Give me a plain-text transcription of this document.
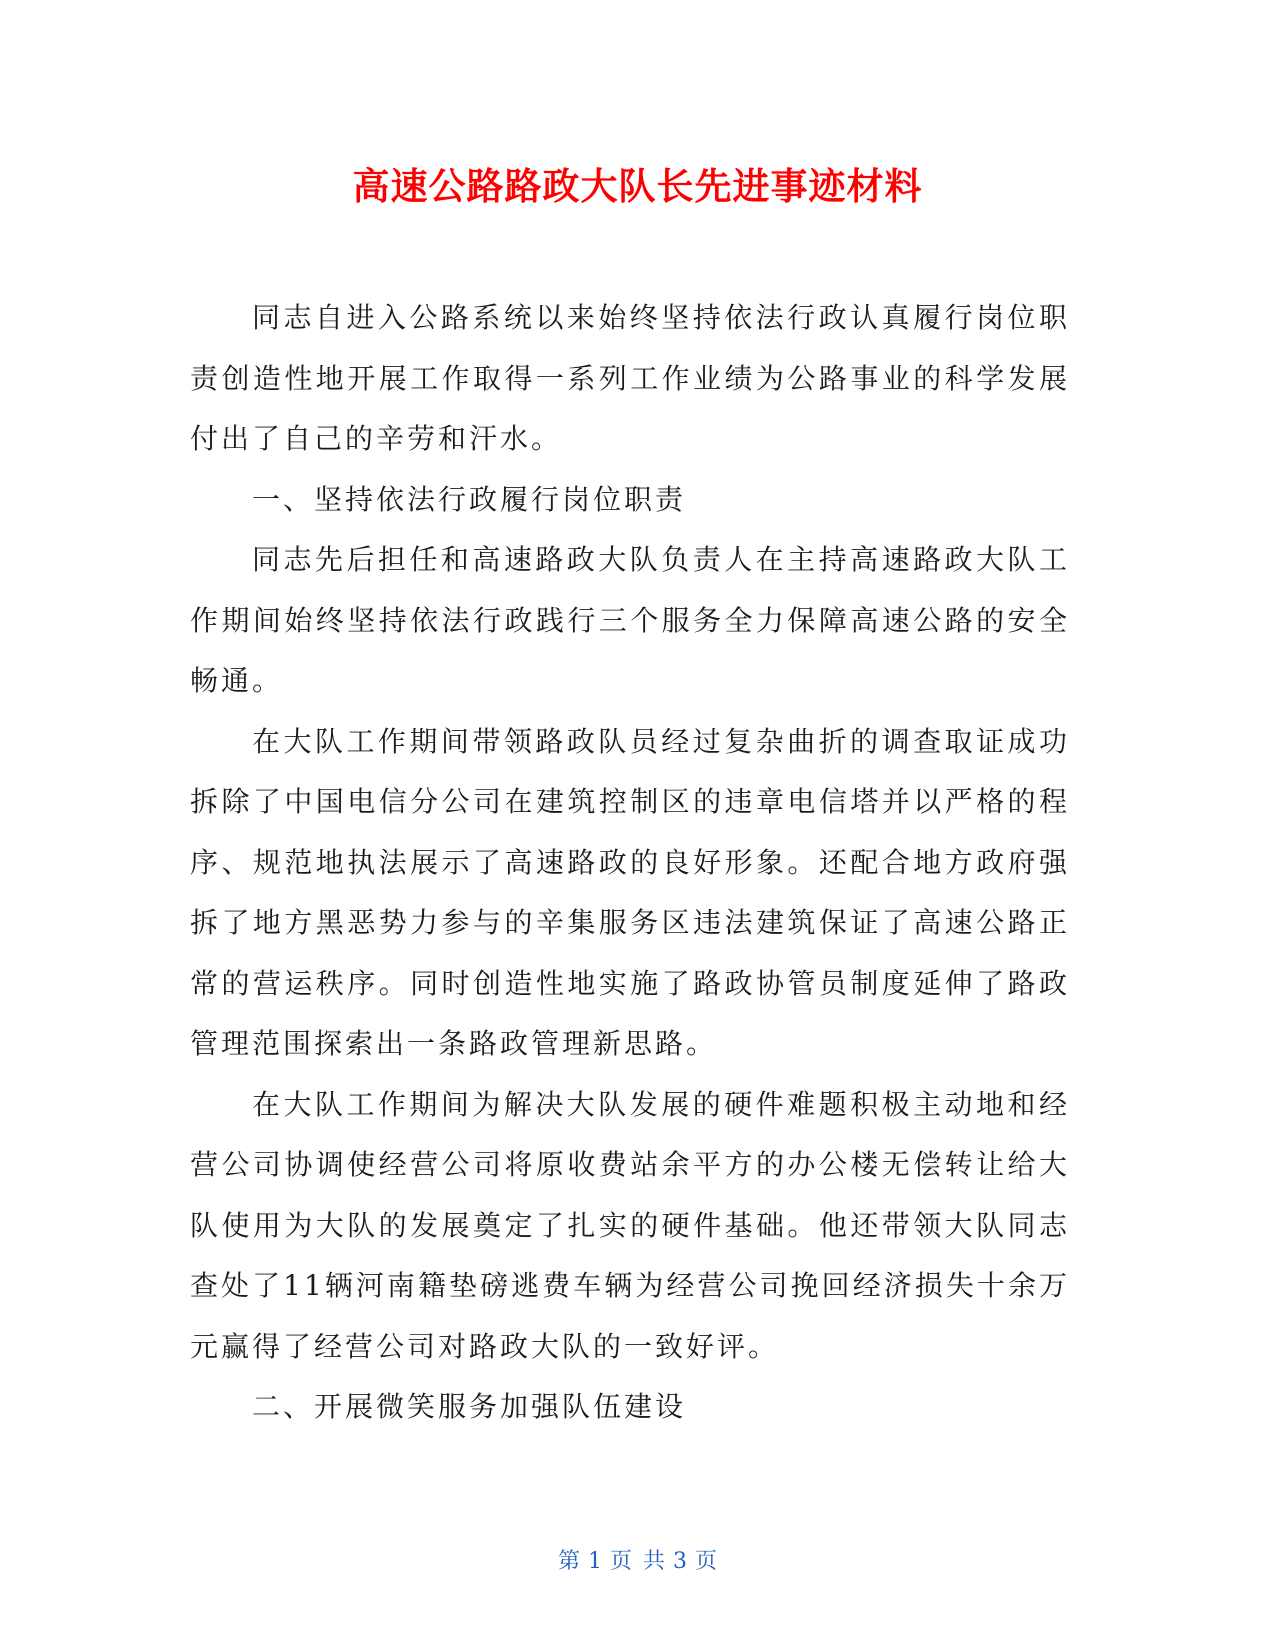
高速公路路政大队长先进事迹材料

同志自进入公路系统以来始终坚持依法行政认真履行岗位职责创造性地开展工作取得一系列工作业绩为公路事业的科学发展付出了自己的辛劳和汗水。

一、坚持依法行政履行岗位职责

同志先后担任和高速路政大队负责人在主持高速路政大队工作期间始终坚持依法行政践行三个服务全力保障高速公路的安全畅通。

在大队工作期间带领路政队员经过复杂曲折的调查取证成功拆除了中国电信分公司在建筑控制区的违章电信塔并以严格的程序、规范地执法展示了高速路政的良好形象。还配合地方政府强拆了地方黑恶势力参与的辛集服务区违法建筑保证了高速公路正常的营运秩序。同时创造性地实施了路政协管员制度延伸了路政管理范围探索出一条路政管理新思路。

在大队工作期间为解决大队发展的硬件难题积极主动地和经营公司协调使经营公司将原收费站余平方的办公楼无偿转让给大队使用为大队的发展奠定了扎实的硬件基础。他还带领大队同志查处了11辆河南籍垫磅逃费车辆为经营公司挽回经济损失十余万元赢得了经营公司对路政大队的一致好评。

二、开展微笑服务加强队伍建设

第 1 页 共 3 页
